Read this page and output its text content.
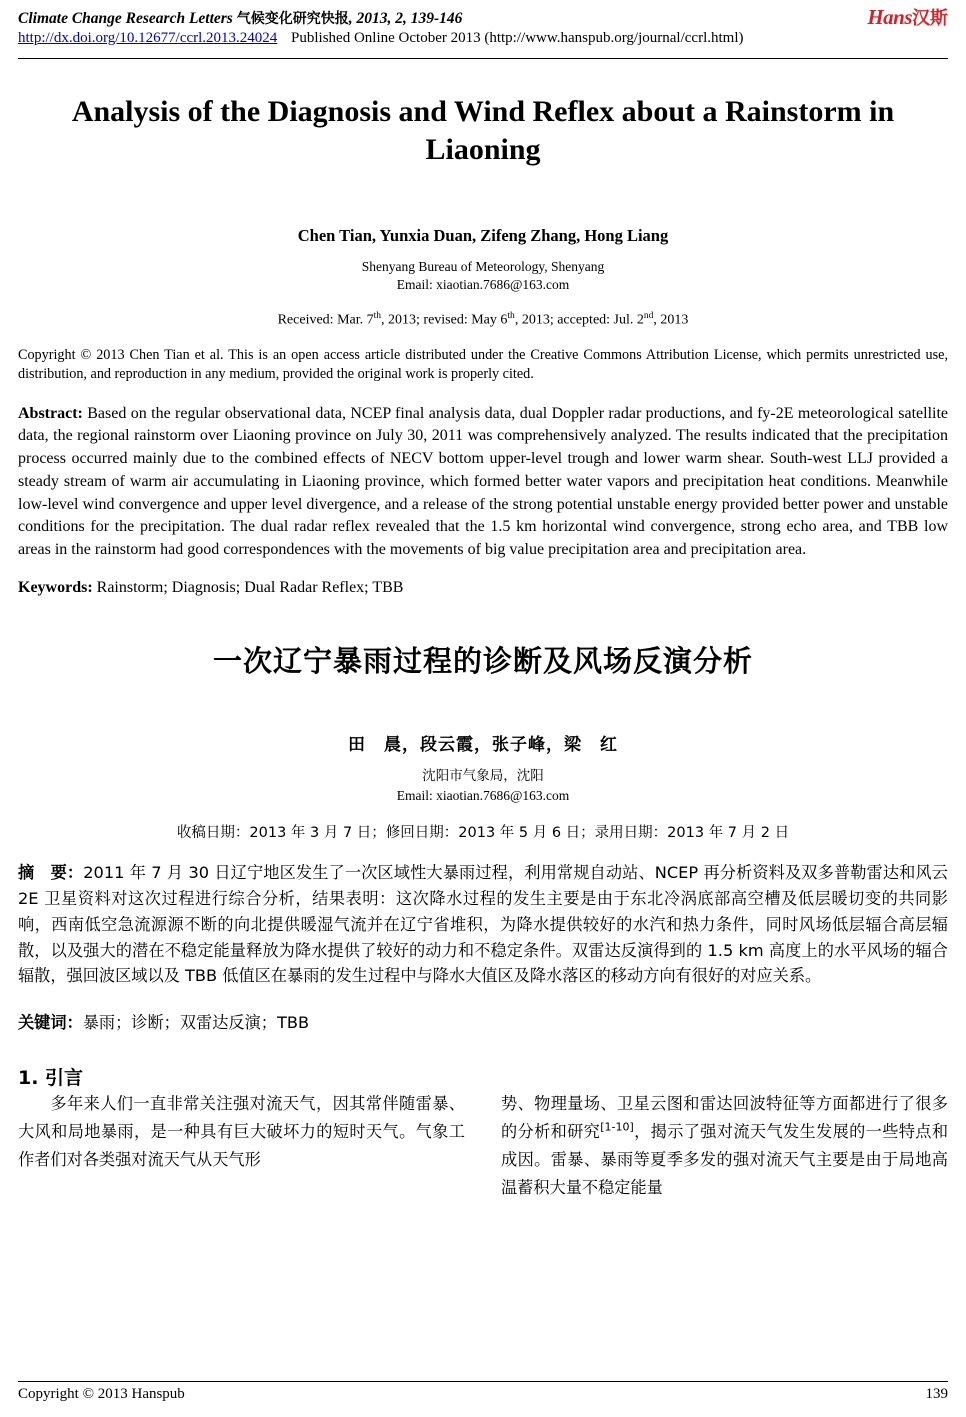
Climate Change Research Letters 气候变化研究快报, 2013, 2, 139-146
http://dx.doi.org/10.12677/ccrl.2013.24024 Published Online October 2013 (http://www.hanspub.org/journal/ccrl.html)
Hans汉斯
Analysis of the Diagnosis and Wind Reflex about a Rainstorm in Liaoning
Chen Tian, Yunxia Duan, Zifeng Zhang, Hong Liang
Shenyang Bureau of Meteorology, Shenyang
Email: xiaotian.7686@163.com
Received: Mar. 7th, 2013; revised: May 6th, 2013; accepted: Jul. 2nd, 2013
Copyright © 2013 Chen Tian et al. This is an open access article distributed under the Creative Commons Attribution License, which permits unrestricted use, distribution, and reproduction in any medium, provided the original work is properly cited.
Abstract: Based on the regular observational data, NCEP final analysis data, dual Doppler radar productions, and fy-2E meteorological satellite data, the regional rainstorm over Liaoning province on July 30, 2011 was comprehensively analyzed. The results indicated that the precipitation process occurred mainly due to the combined effects of NECV bottom upper-level trough and lower warm shear. South-west LLJ provided a steady stream of warm air accumulating in Liaoning province, which formed better water vapors and precipitation heat conditions. Meanwhile low-level wind convergence and upper level divergence, and a release of the strong potential unstable energy provided better power and unstable conditions for the precipitation. The dual radar reflex revealed that the 1.5 km horizontal wind convergence, strong echo area, and TBB low areas in the rainstorm had good correspondences with the movements of big value precipitation area and precipitation area.
Keywords: Rainstorm; Diagnosis; Dual Radar Reflex; TBB
一次辽宁暴雨过程的诊断及风场反演分析
田　晨，段云霞，张子峰，梁　红
沈阳市气象局，沈阳
Email: xiaotian.7686@163.com
收稿日期：2013 年 3 月 7 日；修回日期：2013 年 5 月 6 日；录用日期：2013 年 7 月 2 日
摘　要：2011 年 7 月 30 日辽宁地区发生了一次区域性大暴雨过程，利用常规自动站、NCEP 再分析资料及双多普勒雷达和风云 2E 卫星资料对这次过程进行综合分析，结果表明：这次降水过程的发生主要是由于东北冷涡底部高空槽及低层暖切变的共同影响，西南低空急流源源不断的向北提供暖湿气流并在辽宁省堆积，为降水提供较好的水汽和热力条件，同时风场低层辐合高层辐散，以及强大的潜在不稳定能量释放为降水提供了较好的动力和不稳定条件。双雷达反演得到的 1.5 km 高度上的水平风场的辐合辐散，强回波区域以及 TBB 低值区在暴雨的发生过程中与降水大值区及降水落区的移动方向有很好的对应关系。
关键词：暴雨；诊断；双雷达反演；TBB
1. 引言

多年来人们一直非常关注强对流天气，因其常伴随雷暴、大风和局地暴雨，是一种具有巨大破坏力的短时天气。气象工作者们对各类强对流天气从天气形

势、物理量场、卫星云图和雷达回波特征等方面都进行了很多的分析和研究[1-10]，揭示了强对流天气发生发展的一些特点和成因。雷暴、暴雨等夏季多发的强对流天气主要是由于局地高温蓄积大量不稳定能量

Copyright © 2013 Hanspub	139
